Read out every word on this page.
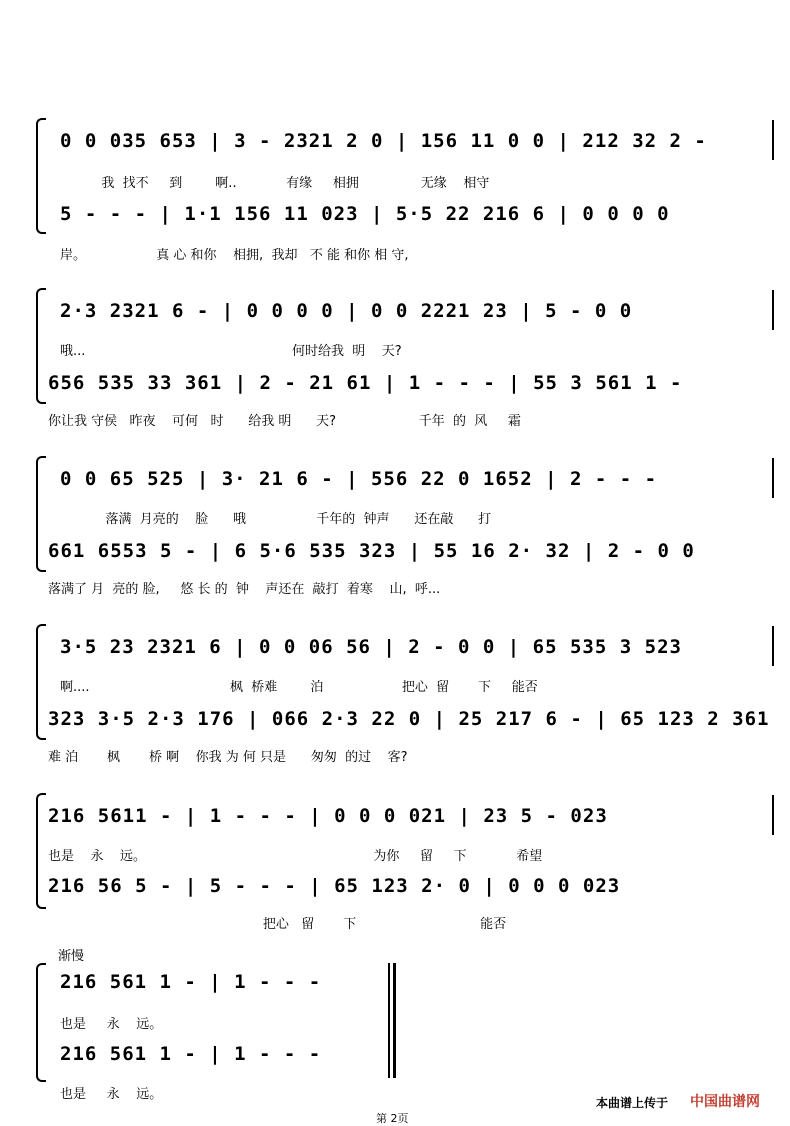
0 0 035 653 | 3 - 2321 2 0 | 156 11 0 0 | 212 32 2 -
我  找不     到        啊..            有缘     相拥               无缘    相守
5 - - - | 1·1 156 11 023 | 5·5 22 216 6 | 0 0 0 0
岸。                 真 心 和你    相拥,  我却   不 能 和你 相 守,
2·3 2321 6 - | 0 0 0 0 | 0 0 2221 23 | 5 - 0 0
哦...                                                  何时给我  明    天?
656 535 33 361 | 2 - 21 61 | 1 - - - | 55 3 561 1 -
你让我 守侯   昨夜    可何   时      给我 明      天?                    千年  的  风     霜
0 0 65 525 | 3· 21 6 - | 556 22 0 1652 | 2 - - -
落满  月亮的    脸      哦                 千年的  钟声      还在敲      打
661 6553 5 - | 6 5·6 535 323 | 55 16 2· 32 | 2 - 0 0
落满了 月  亮的 脸,     悠 长 的  钟    声还在  敲打  着寒    山,  呼...
3·5 23 2321 6 | 0 0 06 56 | 2 - 0 0 | 65 535 3 523
啊....                                  枫  桥难        泊                   把心  留       下     能否
323 3·5 2·3 176 | 066 2·3 22 0 | 25 217 6 - | 65 123 2 361
难 泊       枫       桥 啊    你我 为 何 只是      匆匆  的过    客?
216 5611 - | 1 - - - | 0 0 0 021 | 23 5 - 023
也是    永    远。                                                       为你     留     下            希望
216 56 5 - | 5 - - - | 65 123 2· 0 | 0 0 0 023
把心   留       下                              能否
渐慢
216 561 1 - | 1 - - -
也是     永    远。
216 561 1 - | 1 - - -
也是     永    远。
本曲谱上传于 中国曲谱网
第 2页
